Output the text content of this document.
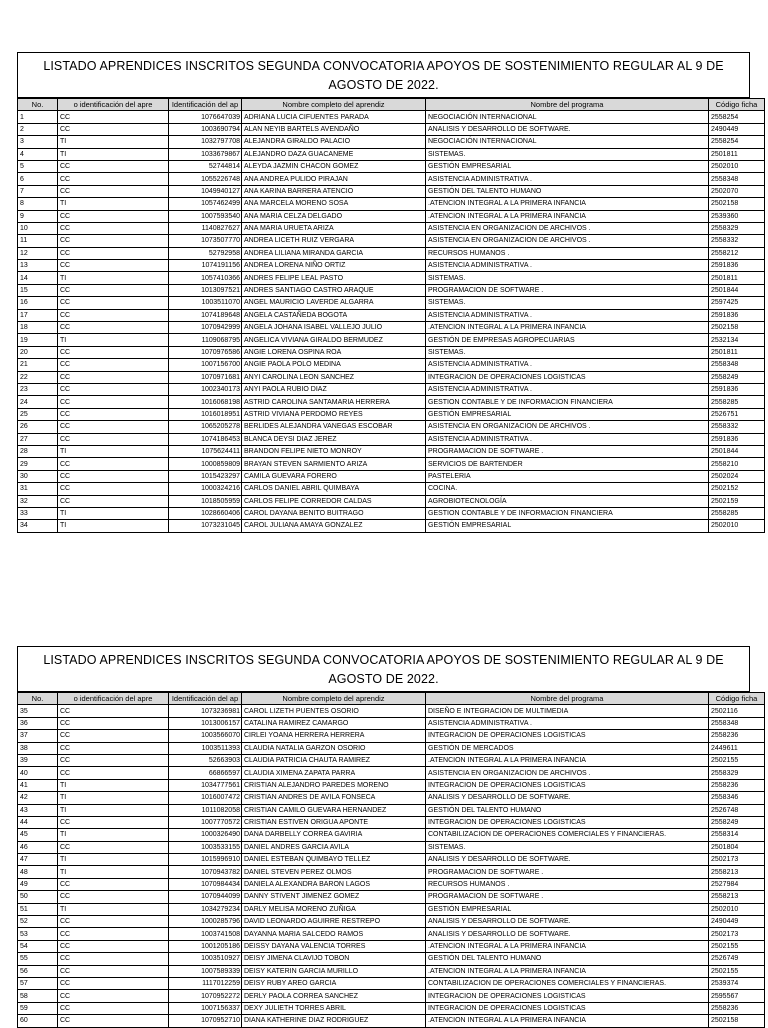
LISTADO APRENDICES INSCRITOS SEGUNDA CONVOCATORIA APOYOS DE SOSTENIMIENTO REGULAR AL 9 DE AGOSTO DE 2022.
No.	o identificación del apre	Identificación del ap	Nombre completo del aprendiz	Nombre del programa	Código ficha
1	CC	1076647039	ADRIANA LUCIA CIFUENTES PARADA	NEGOCIACIÓN INTERNACIONAL	2558254
2	CC	1003690794	ALAN NEYIB BARTELS AVENDAÑO	ANALISIS Y DESARROLLO DE SOFTWARE.	2490449
3	TI	1032797708	ALEJANDRA GIRALDO PALACIO	NEGOCIACIÓN INTERNACIONAL	2558254
4	TI	1033679867	ALEJANDRO DAZA GUACANEME	SISTEMAS.	2501811
5	CC	52744814	ALEYDA JAZMIN CHACON GOMEZ	GESTIÓN EMPRESARIAL	2502010
6	CC	1055226748	ANA ANDREA PULIDO PIRAJAN	ASISTENCIA ADMINISTRATIVA .	2558348
7	CC	1049940127	ANA KARINA BARRERA ATENCIO	GESTIÓN DEL TALENTO HUMANO	2502070
8	TI	1057462499	ANA MARCELA MORENO SOSA	.ATENCION INTEGRAL A LA PRIMERA INFANCIA	2502158
9	CC	1007593540	ANA MARIA CELZA DELGADO	.ATENCION INTEGRAL A LA PRIMERA INFANCIA	2539360
10	CC	1140827627	ANA MARIA URUETA ARIZA	ASISTENCIA EN ORGANIZACION DE ARCHIVOS .	2558329
11	CC	1073507770	ANDREA LICETH RUIZ VERGARA	ASISTENCIA EN ORGANIZACION DE ARCHIVOS .	2558332
12	CC	52792958	ANDREA LILIANA MIRANDA GARCIA	RECURSOS HUMANOS .	2558212
13	CC	1074191156	ANDREA LORENA NIÑO ORTIZ	ASISTENCIA ADMINISTRATIVA .	2591836
14	TI	1057410366	ANDRES FELIPE LEAL PASTO	SISTEMAS.	2501811
15	CC	1013097521	ANDRES SANTIAGO CASTRO ARAQUE	PROGRAMACION DE SOFTWARE .	2501844
16	CC	1003511070	ANGEL MAURICIO LAVERDE ALGARRA	SISTEMAS.	2597425
17	CC	1074189648	ANGELA CASTAÑEDA BOGOTA	ASISTENCIA ADMINISTRATIVA .	2591836
18	CC	1070942999	ANGELA JOHANA ISABEL VALLEJO JULIO	.ATENCION INTEGRAL A LA PRIMERA INFANCIA	2502158
19	TI	1109068795	ANGELICA VIVIANA GIRALDO BERMUDEZ	GESTIÓN DE EMPRESAS AGROPECUARIAS	2532134
20	CC	1070976586	ANGIE LORENA OSPINA ROA	SISTEMAS.	2501811
21	CC	1007156700	ANGIE PAOLA POLO MEDINA	ASISTENCIA ADMINISTRATIVA .	2558348
22	CC	1070971681	ANYI CAROLINA LEON SANCHEZ	INTEGRACION DE OPERACIONES LOGISTICAS	2558249
23	CC	1002340173	ANYI PAOLA RUBIO DIAZ	ASISTENCIA ADMINISTRATIVA .	2591836
24	CC	1016068198	ASTRID CAROLINA SANTAMARIA HERRERA	GESTION CONTABLE Y DE INFORMACION FINANCIERA	2558285
25	CC	1016018951	ASTRID VIVIANA PERDOMO REYES	GESTIÓN EMPRESARIAL	2526751
26	CC	1065205278	BERLIDES ALEJANDRA VANEGAS ESCOBAR	ASISTENCIA EN ORGANIZACION DE ARCHIVOS .	2558332
27	CC	1074186453	BLANCA DEYSI DIAZ JEREZ	ASISTENCIA ADMINISTRATIVA .	2591836
28	TI	1075624411	BRANDON FELIPE NIETO MONROY	PROGRAMACION DE SOFTWARE .	2501844
29	CC	1000859809	BRAYAN STEVEN SARMIENTO ARIZA	SERVICIOS DE BARTENDER	2558210
30	CC	1015423297	CAMILA GUEVARA FORERO	PASTELERIA	2502024
31	CC	1000324216	CARLOS DANIEL ABRIL QUIMBAYA	COCINA.	2502152
32	CC	1018505959	CARLOS FELIPE CORREDOR CALDAS	AGROBIOTECNOLOGÍA	2502159
33	TI	1028660406	CAROL DAYANA BENITO BUITRAGO	GESTION CONTABLE Y DE INFORMACION FINANCIERA	2558285
34	TI	1073231045	CAROL JULIANA AMAYA GONZALEZ	GESTIÓN EMPRESARIAL	2502010
LISTADO APRENDICES INSCRITOS SEGUNDA CONVOCATORIA APOYOS DE SOSTENIMIENTO REGULAR AL 9 DE AGOSTO DE 2022.
No.	o identificación del apre	Identificación del ap	Nombre completo del aprendiz	Nombre del programa	Código ficha
35	CC	1073236981	CAROL LIZETH PUENTES OSORIO	DISEÑO E INTEGRACION DE MULTIMEDIA	2502116
36	CC	1013006157	CATALINA RAMIREZ CAMARGO	ASISTENCIA ADMINISTRATIVA .	2558348
37	CC	1003566070	CIRLEI YOANA HERRERA HERRERA	INTEGRACION DE OPERACIONES LOGISTICAS	2558236
38	CC	1003511393	CLAUDIA NATALIA GARZON OSORIO	GESTIÓN DE MERCADOS	2449611
39	CC	52663903	CLAUDIA PATRICIA CHAUTA RAMIREZ	.ATENCION INTEGRAL A LA PRIMERA INFANCIA	2502155
40	CC	66866597	CLAUDIA XIMENA ZAPATA PARRA	ASISTENCIA EN ORGANIZACION DE ARCHIVOS .	2558329
41	TI	1034777561	CRISTIAN ALEJANDRO PAREDES MORENO	INTEGRACION DE OPERACIONES LOGISTICAS	2558236
42	TI	1016007472	CRISTIAN ANDRES DE AVILA FONSECA	ANALISIS Y DESARROLLO DE SOFTWARE.	2558346
43	TI	1011082058	CRISTIAN CAMILO GUEVARA HERNANDEZ	GESTIÓN DEL TALENTO HUMANO	2526748
44	CC	1007770572	CRISTIAN ESTIVEN ORIGUA APONTE	INTEGRACION DE OPERACIONES LOGISTICAS	2558249
45	TI	1000326490	DANA DARBELLY CORREA GAVIRIA	CONTABILIZACION DE OPERACIONES COMERCIALES Y FINANCIERAS.	2558314
46	CC	1003533155	DANIEL ANDRES GARCIA AVILA	SISTEMAS.	2501804
47	TI	1015996910	DANIEL ESTEBAN QUIMBAYO TELLEZ	ANALISIS Y DESARROLLO DE SOFTWARE.	2502173
48	TI	1070943782	DANIEL STEVEN PEREZ OLMOS	PROGRAMACION DE SOFTWARE .	2558213
49	CC	1070984434	DANIELA ALEXANDRA BARON LAGOS	RECURSOS HUMANOS .	2527984
50	CC	1070944099	DANNY STIVENT JIMENEZ GOMEZ	PROGRAMACION DE SOFTWARE .	2558213
51	TI	1034279234	DARLY MELISA MORENO ZUÑIGA	GESTIÓN EMPRESARIAL	2502010
52	CC	1000285796	DAVID LEONARDO AGUIRRE RESTREPO	ANALISIS Y DESARROLLO DE SOFTWARE.	2490449
53	CC	1003741508	DAYANNA MARIA SALCEDO RAMOS	ANALISIS Y DESARROLLO DE SOFTWARE.	2502173
54	CC	1001205186	DEISSY DAYANA VALENCIA TORRES	.ATENCION INTEGRAL A LA PRIMERA INFANCIA	2502155
55	CC	1003510927	DEISY JIMENA CLAVIJO TOBON	GESTIÓN DEL TALENTO HUMANO	2526749
56	CC	1007589339	DEISY KATERIN GARCIA MURILLO	.ATENCION INTEGRAL A LA PRIMERA INFANCIA	2502155
57	CC	1117012259	DEISY RUBY AREO GARCIA	CONTABILIZACION DE OPERACIONES COMERCIALES Y FINANCIERAS.	2539374
58	CC	1070952272	DERLY PAOLA CORREA SANCHEZ	INTEGRACION DE OPERACIONES LOGISTICAS	2595567
59	CC	1007156337	DEXY JULIETH TORRES ABRIL	INTEGRACION DE OPERACIONES LOGISTICAS	2558236
60	CC	1070952710	DIANA KATHERINE DIAZ RODRIGUEZ	.ATENCION INTEGRAL A LA PRIMERA INFANCIA	2502158
